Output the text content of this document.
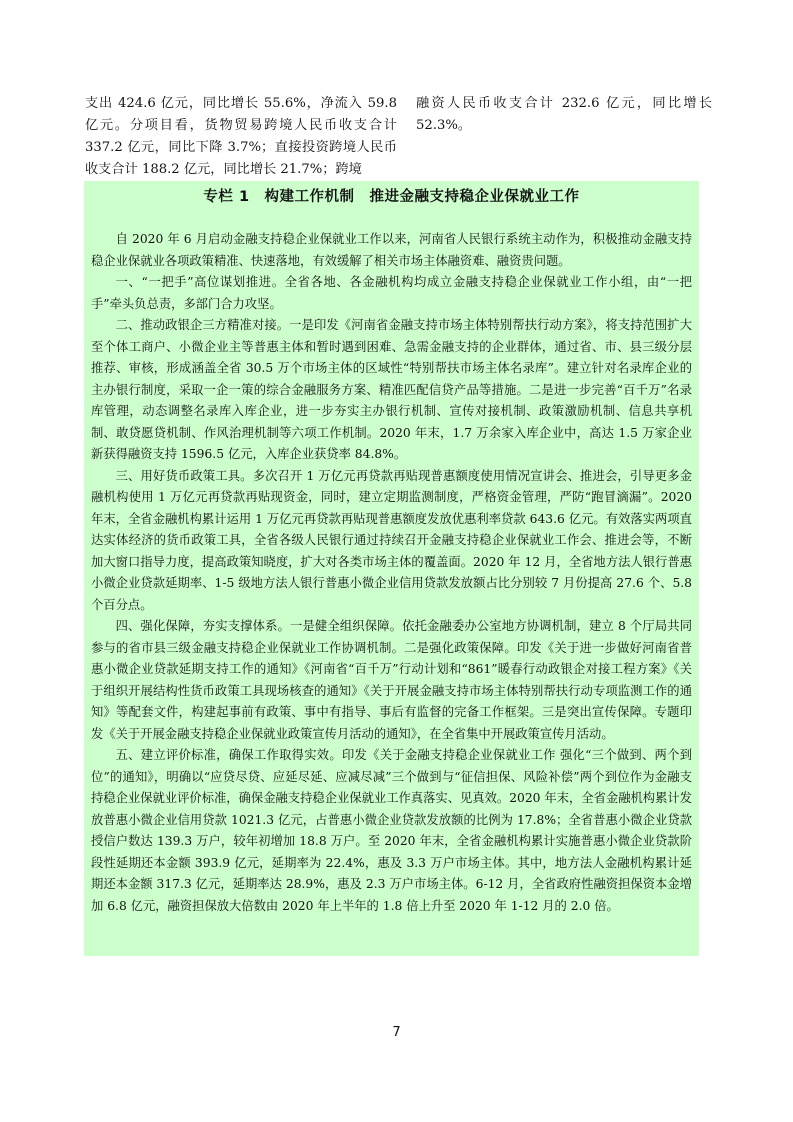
支出 424.6 亿元，同比增长 55.6%，净流入 59.8 亿元。分项目看，货物贸易跨境人民币收支合计 337.2 亿元，同比下降 3.7%；直接投资跨境人民币收支合计 188.2 亿元，同比增长 21.7%；跨境
融资人民币收支合计 232.6 亿元，同比增长 52.3%。
专栏 1　构建工作机制　推进金融支持稳企业保就业工作

自 2020 年 6 月启动金融支持稳企业保就业工作以来，河南省人民银行系统主动作为，积极推动金融支持稳企业保就业各项政策精准、快速落地，有效缓解了相关市场主体融资难、融资贵问题。

一、“一把手”高位谋划推进。全省各地、各金融机构均成立金融支持稳企业保就业工作小组，由“一把手”牵头负总责，多部门合力攻坚。

二、推动政银企三方精准对接。一是印发《河南省金融支持市场主体特别帮扶行动方案》，将支持范围扩大至个体工商户、小微企业主等普惠主体和暂时遇到困难、急需金融支持的企业群体，通过省、市、县三级分层推荐、审核，形成涵盖全省 30.5 万个市场主体的区域性“特别帮扶市场主体名录库”。建立针对名录库企业的主办银行制度，采取一企一策的综合金融服务方案、精准匹配信贷产品等措施。二是进一步完善“百千万”名录库管理，动态调整名录库入库企业，进一步夯实主办银行机制、宣传对接机制、政策激励机制、信息共享机制、敢贷愿贷机制、作风治理机制等六项工作机制。2020 年末，1.7 万余家入库企业中，高达 1.5 万家企业新获得融资支持 1596.5 亿元，入库企业获贷率 84.8%。

三、用好货币政策工具。多次召开 1 万亿元再贷款再贴现普惠额度使用情况宣讲会、推进会，引导更多金融机构使用 1 万亿元再贷款再贴现资金，同时，建立定期监测制度，严格资金管理，严防“跑冒滴漏”。2020 年末，全省金融机构累计运用 1 万亿元再贷款再贴现普惠额度发放优惠利率贷款 643.6 亿元。有效落实两项直达实体经济的货币政策工具，全省各级人民银行通过持续召开金融支持稳企业保就业工作会、推进会等，不断加大窗口指导力度，提高政策知晓度，扩大对各类市场主体的覆盖面。2020 年 12 月，全省地方法人银行普惠小微企业贷款延期率、1-5 级地方法人银行普惠小微企业信用贷款发放额占比分别较 7 月份提高 27.6 个、5.8 个百分点。

四、强化保障，夯实支撑体系。一是健全组织保障。依托金融委办公室地方协调机制，建立 8 个厅局共同参与的省市县三级金融支持稳企业保就业工作协调机制。二是强化政策保障。印发《关于进一步做好河南省普惠小微企业贷款延期支持工作的通知》《河南省“百千万”行动计划和“861”暖春行动政银企对接工程方案》《关于组织开展结构性货币政策工具现场核查的通知》《关于开展金融支持市场主体特别帮扶行动专项监测工作的通知》等配套文件，构建起事前有政策、事中有指导、事后有监督的完备工作框架。三是突出宣传保障。专题印发《关于开展金融支持稳企业保就业政策宣传月活动的通知》，在全省集中开展政策宣传月活动。

五、建立评价标准，确保工作取得实效。印发《关于金融支持稳企业保就业工作 强化“三个做到、两个到位”的通知》，明确以“应贷尽贷、应延尽延、应减尽减”三个做到与“征信担保、风险补偿”两个到位作为金融支持稳企业保就业评价标准，确保金融支持稳企业保就业工作真落实、见真效。2020 年末，全省金融机构累计发放普惠小微企业信用贷款 1021.3 亿元，占普惠小微企业贷款发放额的比例为 17.8%；全省普惠小微企业贷款授信户数达 139.3 万户，较年初增加 18.8 万户。至 2020 年末，全省金融机构累计实施普惠小微企业贷款阶段性延期还本金额 393.9 亿元，延期率为 22.4%，惠及 3.3 万户市场主体。其中，地方法人金融机构累计延期还本金额 317.3 亿元，延期率达 28.9%，惠及 2.3 万户市场主体。6-12 月，全省政府性融资担保资本金增加 6.8 亿元，融资担保放大倍数由 2020 年上半年的 1.8 倍上升至 2020 年 1-12 月的 2.0 倍。

7
